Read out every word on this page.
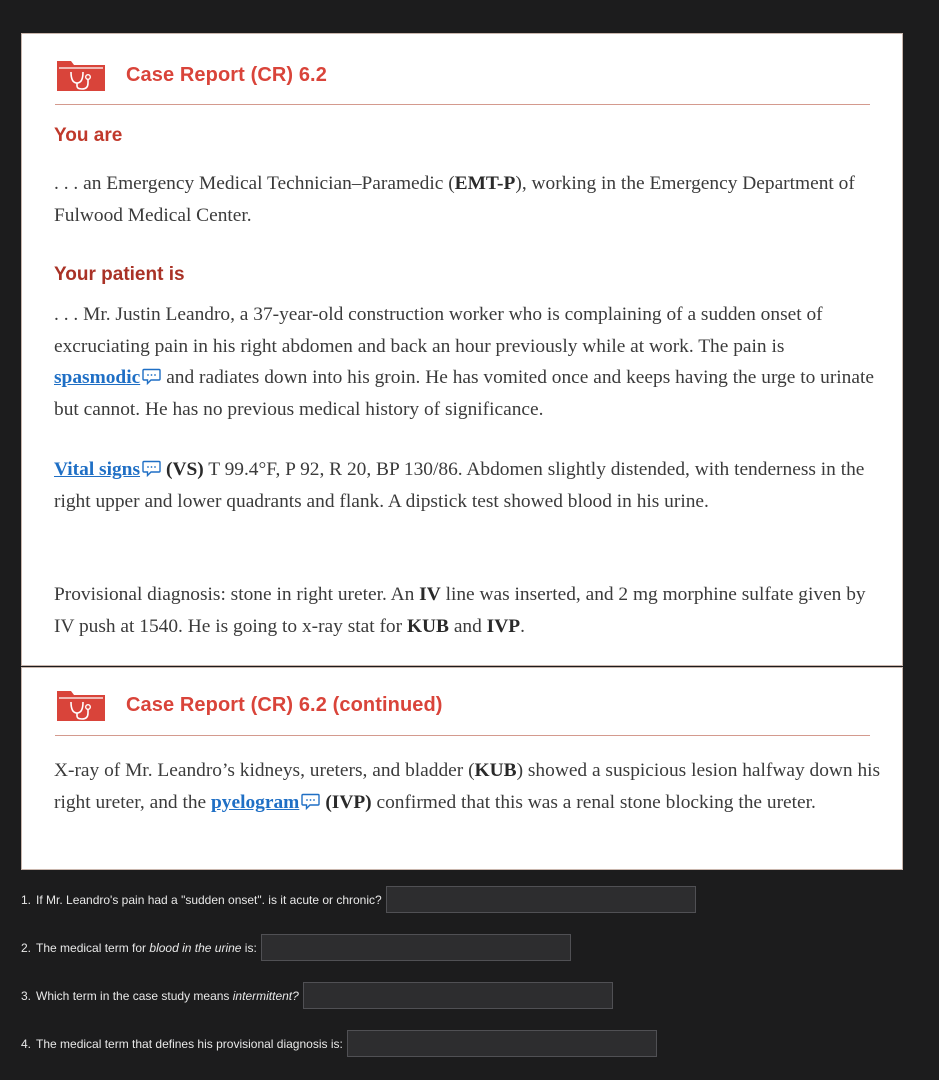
Case Report (CR) 6.2
You are

. . . an Emergency Medical Technician–Paramedic (EMT-P), working in the Emergency Department of Fulwood Medical Center.

Your patient is

. . . Mr. Justin Leandro, a 37-year-old construction worker who is complaining of a sudden onset of excruciating pain in his right abdomen and back an hour previously while at work. The pain is spasmodic and radiates down into his groin. He has vomited once and keeps having the urge to urinate but cannot. He has no previous medical history of significance.

Vital signs (VS) T 99.4°F, P 92, R 20, BP 130/86. Abdomen slightly distended, with tenderness in the right upper and lower quadrants and flank. A dipstick test showed blood in his urine.

Provisional diagnosis: stone in right ureter. An IV line was inserted, and 2 mg morphine sulfate given by IV push at 1540. He is going to x-ray stat for KUB and IVP.

Case Report (CR) 6.2 (continued)

X-ray of Mr. Leandro’s kidneys, ureters, and bladder (KUB) showed a suspicious lesion halfway down his right ureter, and the pyelogram (IVP) confirmed that this was a renal stone blocking the ureter.

1. If Mr. Leandro's pain had a "sudden onset". is it acute or chronic?
2. The medical term for blood in the urine is:
3. Which term in the case study means intermittent?
4. The medical term that defines his provisional diagnosis is:
